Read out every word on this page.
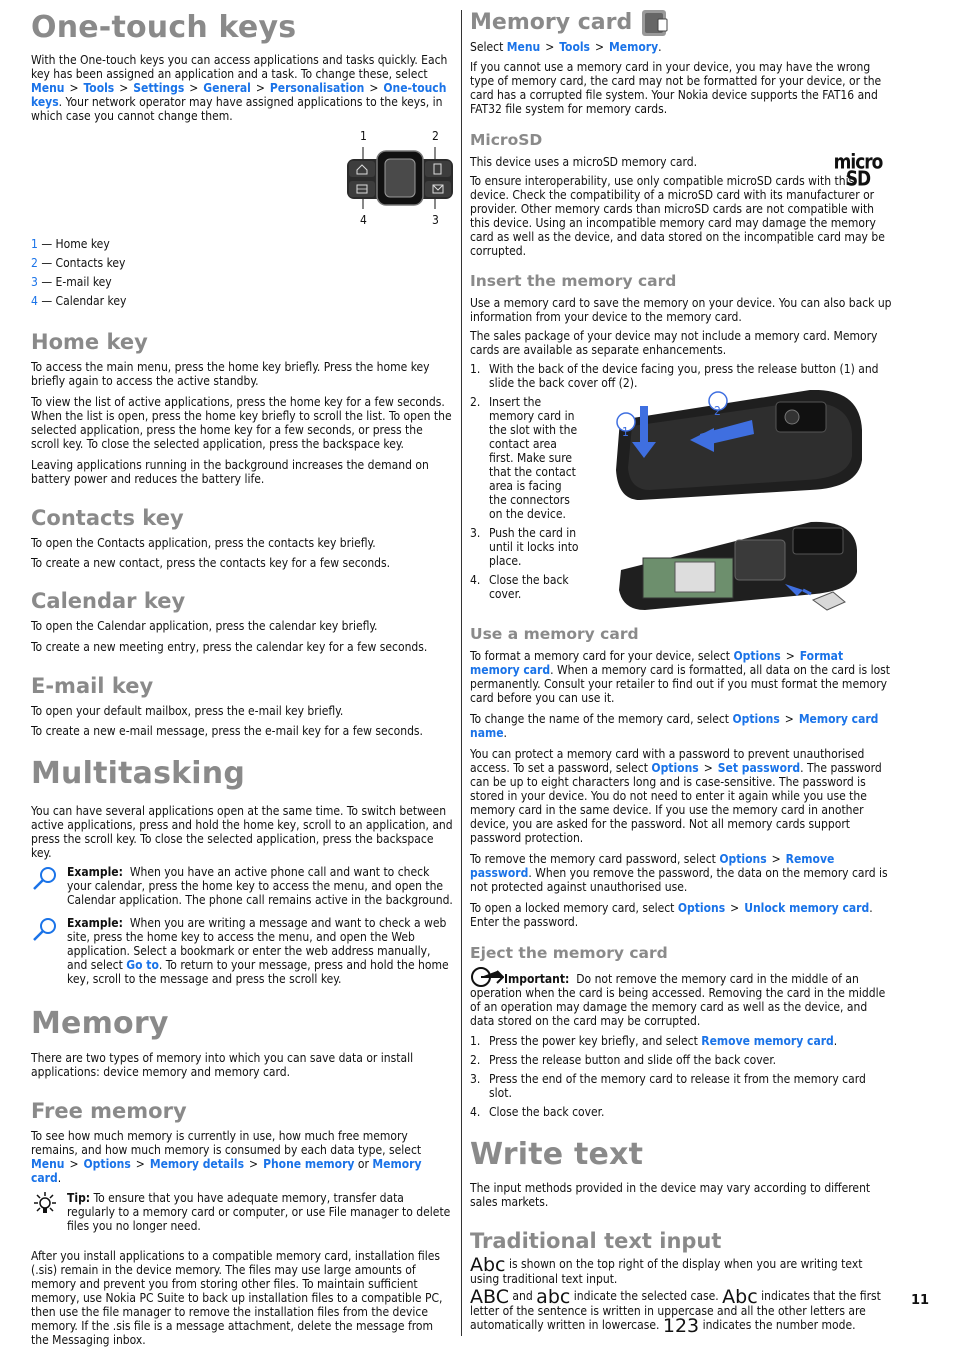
One-touch keys

With the One-touch keys you can access applications and tasks quickly. Each key has been assigned an application and a task. To change these, select Menu > Tools > Settings > General > Personalisation > One-touch keys. Your network operator may have assigned applications to the keys, in which case you cannot change them.

1	2
4	3

1 — Home key

2 — Contacts key

3 — E-mail key

4 — Calendar key

Home key

To access the main menu, press the home key briefly. Press the home key briefly again to access the active standby.

To view the list of active applications, press the home key for a few seconds. When the list is open, press the home key briefly to scroll the list. To open the selected application, press the home key for a few seconds, or press the scroll key. To close the selected application, press the backspace key.

Leaving applications running in the background increases the demand on battery power and reduces the battery life.

Contacts key

To open the Contacts application, press the contacts key briefly.

To create a new contact, press the contacts key for a few seconds.

Calendar key

To open the Calendar application, press the calendar key briefly.

To create a new meeting entry, press the calendar key for a few seconds.

E-mail key

To open your default mailbox, press the e-mail key briefly.

To create a new e-mail message, press the e-mail key for a few seconds.

Multitasking

You can have several applications open at the same time. To switch between active applications, press and hold the home key, scroll to an application, and press the scroll key. To close the selected application, press the backspace key.

Example: When you have an active phone call and want to check your calendar, press the home key to access the menu, and open the Calendar application. The phone call remains active in the background.

Example: When you are writing a message and want to check a web site, press the home key to access the menu, and open the Web application. Select a bookmark or enter the web address manually, and select Go to. To return to your message, press and hold the home key, scroll to the message and press the scroll key.

Memory

There are two types of memory into which you can save data or install applications: device memory and memory card.

Free memory

To see how much memory is currently in use, how much free memory remains, and how much memory is consumed by each data type, select Menu > Options > Memory details > Phone memory or Memory card.

Tip: To ensure that you have adequate memory, transfer data regularly to a memory card or computer, or use File manager to delete files you no longer need.

After you install applications to a compatible memory card, installation files (.sis) remain in the device memory. The files may use large amounts of memory and prevent you from storing other files. To maintain sufficient memory, use Nokia PC Suite to back up installation files to a compatible PC, then use the file manager to remove the installation files from the device memory. If the .sis file is a message attachment, delete the message from the Messaging inbox.

Memory card

Select Menu > Tools > Memory.

If you cannot use a memory card in your device, you may have the wrong type of memory card, the card may not be formatted for your device, or the card has a corrupted file system. Your Nokia device supports the FAT16 and FAT32 file system for memory cards.

MicroSD
micro SD

This device uses a microSD memory card.

To ensure interoperability, use only compatible microSD cards with this device. Check the compatibility of a microSD card with its manufacturer or provider. Other memory cards than microSD cards are not compatible with this device. Using an incompatible memory card may damage the memory card as well as the device, and data stored on the incompatible card may be corrupted.

Insert the memory card

Use a memory card to save the memory on your device. You can also back up information from your device to the memory card.

The sales package of your device may not include a memory card. Memory cards are available as separate enhancements.

1. With the back of the device facing you, press the release button (1) and slide the back cover off (2).
2. Insert the memory card in the slot with the contact area first. Make sure that the contact area is facing the connectors on the device.
3. Push the card in until it locks into place.
4. Close the back cover.
1
2
Use a memory card

To format a memory card for your device, select Options > Format memory card. When a memory card is formatted, all data on the card is lost permanently. Consult your retailer to find out if you must format the memory card before you can use it.

To change the name of the memory card, select Options > Memory card name.

You can protect a memory card with a password to prevent unauthorised access. To set a password, select Options > Set password. The password can be up to eight characters long and is case-sensitive. The password is stored in your device. You do not need to enter it again while you use the memory card in the same device. If you use the memory card in another device, you are asked for the password. Not all memory cards support password protection.

To remove the memory card password, select Options > Remove password. When you remove the password, the data on the memory card is not protected against unauthorised use.

To open a locked memory card, select Options > Unlock memory card. Enter the password.

Eject the memory card

Important: Do not remove the memory card in the middle of an operation when the card is being accessed. Removing the card in the middle of an operation may damage the memory card as well as the device, and data stored on the card may be corrupted.

1. Press the power key briefly, and select Remove memory card.
2. Press the release button and slide off the back cover.
3. Press the end of the memory card to release it from the memory card slot.
4. Close the back cover.
Write text

The input methods provided in the device may vary according to different sales markets.

Traditional text input

Abc is shown on the top right of the display when you are writing text using traditional text input.

ABC and abc indicate the selected case. Abc indicates that the first letter of the sentence is written in uppercase and all the other letters are automatically written in lowercase. 123 indicates the number mode.

11
